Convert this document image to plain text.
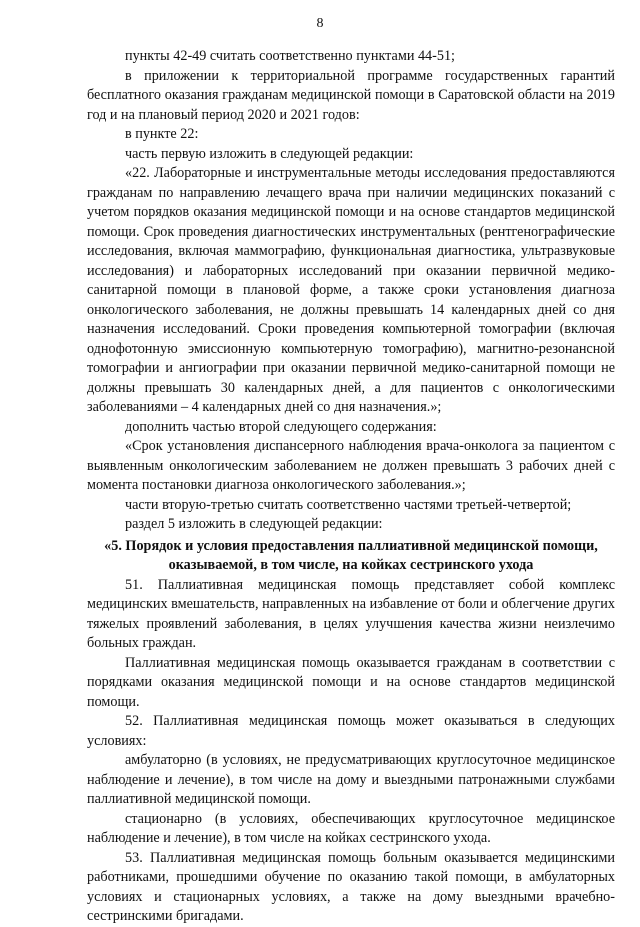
8

пункты 42-49 считать соответственно пунктами 44-51;

в приложении к территориальной программе государственных гарантий бесплатного оказания гражданам медицинской помощи в Саратовской области на 2019 год и на плановый период 2020 и 2021 годов:

в пункте 22:

часть первую изложить в следующей редакции:

«22. Лабораторные и инструментальные методы исследования предоставляются гражданам по направлению лечащего врача при наличии медицинских показаний с учетом порядков оказания медицинской помощи и на основе стандартов медицинской помощи. Срок проведения диагностических инструментальных (рентгенографические исследования, включая маммографию, функциональная диагностика, ультразвуковые исследования) и лабораторных исследований при оказании первичной медико-санитарной помощи в плановой форме, а также сроки установления диагноза онкологического заболевания, не должны превышать 14 календарных дней со дня назначения исследований. Сроки проведения компьютерной томографии (включая однофотонную эмиссионную компьютерную томографию), магнитно-резонансной томографии и ангиографии при оказании первичной медико-санитарной помощи не должны превышать 30 календарных дней, а для пациентов с онкологическими заболеваниями – 4 календарных дней со дня назначения.»;

дополнить частью второй следующего содержания:

«Срок установления диспансерного наблюдения врача-онколога за пациентом с выявленным онкологическим заболеванием не должен превышать 3 рабочих дней с момента постановки диагноза онкологического заболевания.»;

части вторую-третью считать соответственно частями третьей-четвертой;

раздел 5 изложить в следующей редакции:

«5. Порядок и условия предоставления паллиативной медицинской помощи, оказываемой, в том числе, на койках сестринского ухода

51. Паллиативная медицинская помощь представляет собой комплекс медицинских вмешательств, направленных на избавление от боли и облегчение других тяжелых проявлений заболевания, в целях улучшения качества жизни неизлечимо больных граждан.

Паллиативная медицинская помощь оказывается гражданам в соответствии с порядками оказания медицинской помощи и на основе стандартов медицинской помощи.

52. Паллиативная медицинская помощь может оказываться в следующих условиях:

амбулаторно (в условиях, не предусматривающих круглосуточное медицинское наблюдение и лечение), в том числе на дому и выездными патронажными службами паллиативной медицинской помощи.

стационарно (в условиях, обеспечивающих круглосуточное медицинское наблюдение и лечение), в том числе на койках сестринского ухода.

53. Паллиативная медицинская помощь больным оказывается медицинскими работниками, прошедшими обучение по оказанию такой помощи, в амбулаторных условиях и стационарных условиях, а также на дому выездными врачебно-сестринскими бригадами.
